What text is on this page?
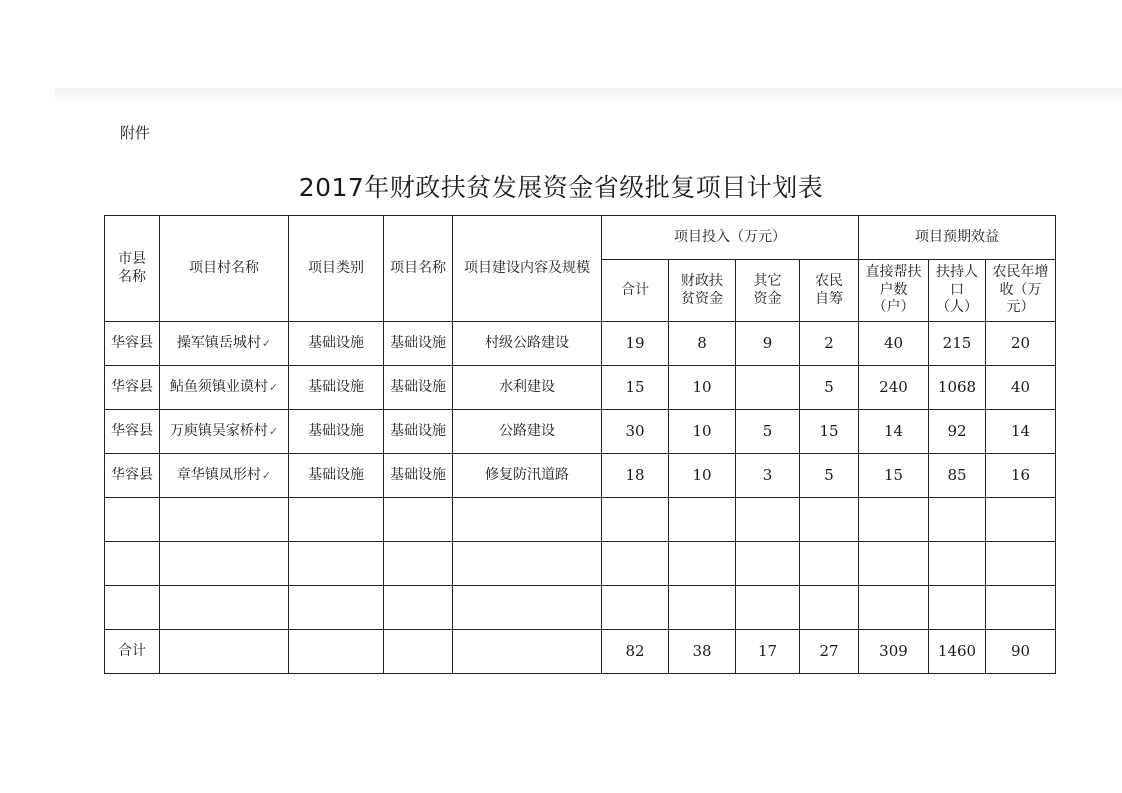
附件
2017年财政扶贫发展资金省级批复项目计划表
市县名称	项目村名称	项目类别	项目名称	项目建设内容及规模	项目投入（万元）				项目预期效益		
					合计	财政扶贫资金	其它资金	农民自筹	直接帮扶户数（户）	扶持人口（人）	农民年增 收（万元）
华容县	操军镇岳城村✓	基础设施	基础设施	村级公路建设	19	8	9	2	40	215	20
华容县	鲇鱼须镇业谟村✓	基础设施	基础设施	水利建设	15	10		5	240	1068	40
华容县	万庾镇吴家桥村✓	基础设施	基础设施	公路建设	30	10	5	15	14	92	14
华容县	章华镇凤形村✓	基础设施	基础设施	修复防汛道路	18	10	3	5	15	85	16

合计					82	38	17	27	309	1460	90
